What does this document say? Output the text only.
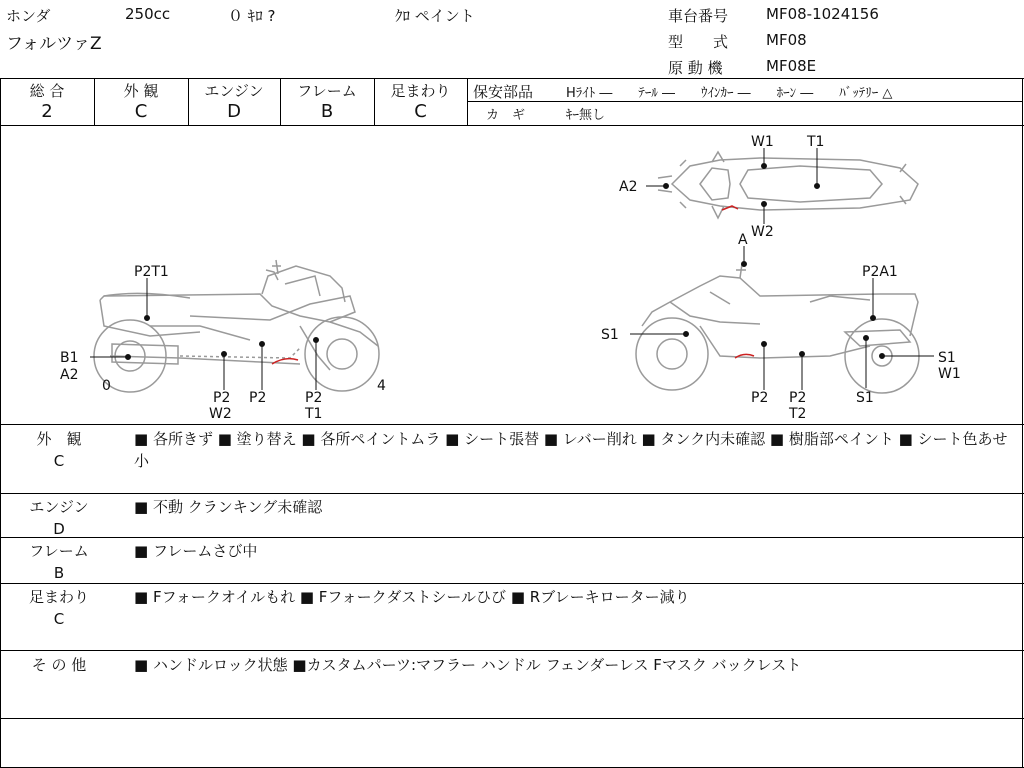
ホンダ	250cc	０ ｷﾛ ?	ｸﾛ ペイント
フォルツァZ
車台番号	MF08-1024156
型　　式	MF08
原 動 機	MF08E
総 合
2
外 観
C
エンジン
D
フレーム
B
足まわり
C
保安部品	Hﾗｲﾄ ―　　ﾃｰﾙ ―　　ｳｲﾝｶｰ ―　　ﾎｰﾝ ―　　ﾊﾞｯﾃﾘｰ △
カ　ギ	ｷｰ無し
P2T1
B1
A2
0	4
P2
W2
P2	P2
T1
W1 T1
A2
W2
A
P2A1
S1
S1
W1
P2 P2
T2
S1
外　観
C
■ 各所きず ■ 塗り替え ■ 各所ペイントムラ ■ シート張替 ■ レバー削れ ■ タンク内未確認 ■ 樹脂部ペイント ■ シート色あせ小
エンジン
D
■ 不動 クランキング未確認
フレーム
B
■ フレームさび中
足まわり
C
■ Fフォークオイルもれ ■ Fフォークダストシールひび ■ Rブレーキローター減り
そ の 他	■ ハンドルロック状態 ■カスタムパーツ:マフラー ハンドル フェンダーレス Fマスク バックレスト
